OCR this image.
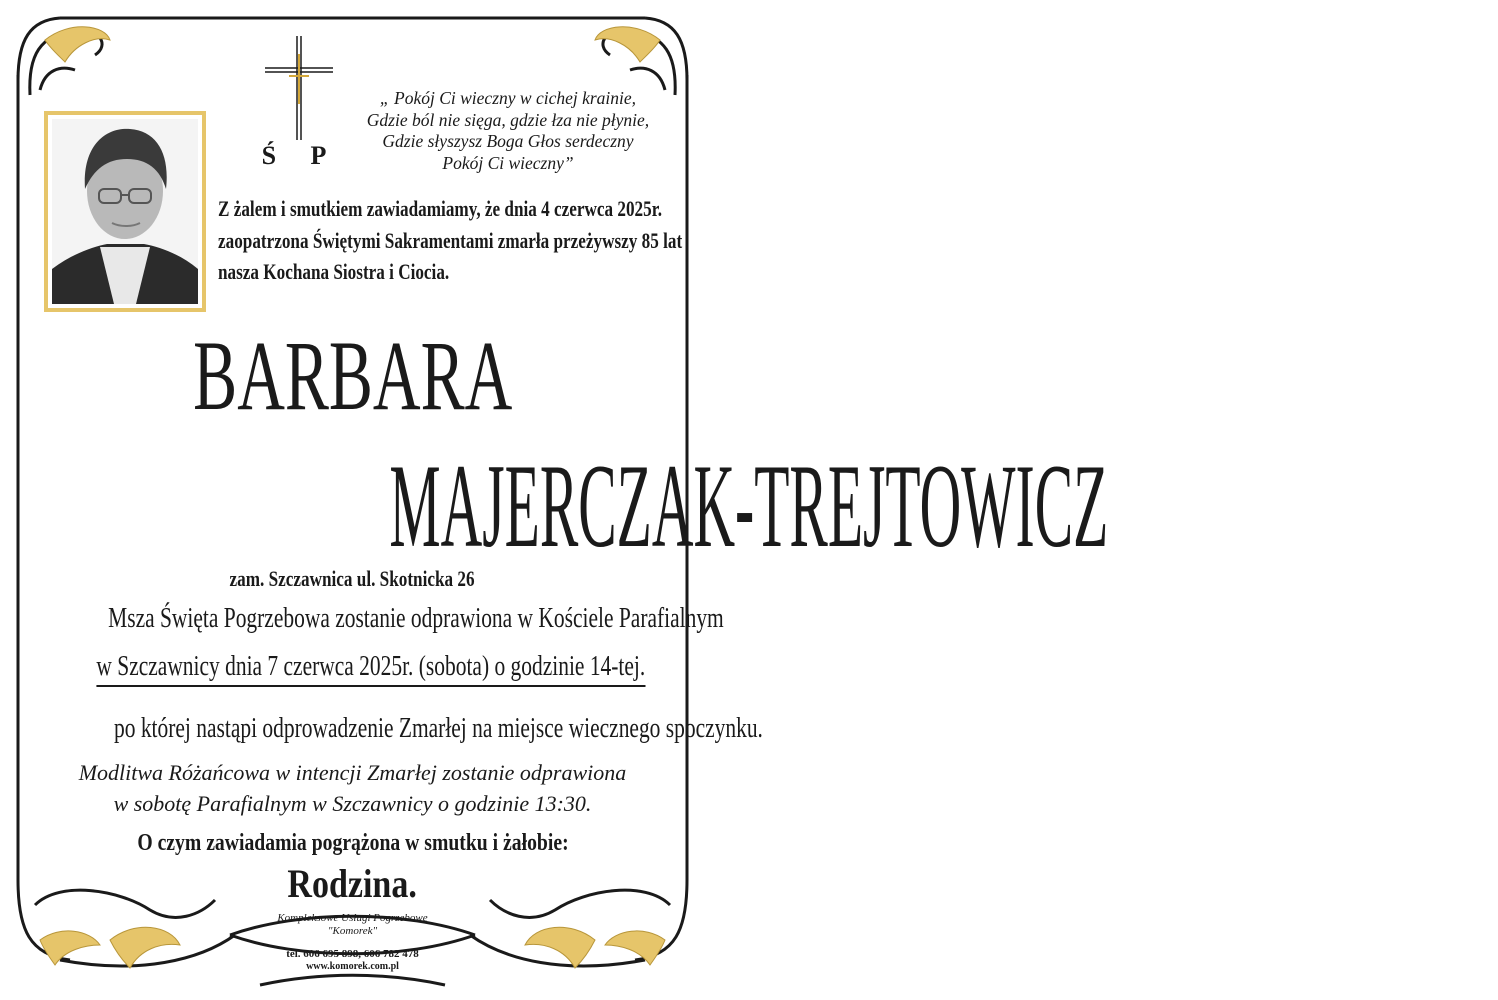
Ś P
„ Pokój Ci wieczny w cichej krainie,
Gdzie ból nie sięga, gdzie łza nie płynie,
Gdzie słyszysz Boga Głos serdeczny
Pokój Ci wieczny”
Z żalem i smutkiem zawiadamiamy, że dnia 4 czerwca 2025r.
zaopatrzona Świętymi Sakramentami zmarła przeżywszy 85 lat
nasza Kochana Siostra i Ciocia.
BARBARA
MAJERCZAK-TREJTOWICZ
zam. Szczawnica ul. Skotnicka 26
Msza Święta Pogrzebowa zostanie odprawiona w Kościele Parafialnym
w Szczawnicy dnia 7 czerwca 2025r. (sobota) o godzinie 14-tej.
po której nastąpi odprowadzenie Zmarłej na miejsce wiecznego spoczynku.
Modlitwa Różańcowa w intencji Zmarłej zostanie odprawiona
w sobotę Parafialnym w Szczawnicy o godzinie 13:30.
O czym zawiadamia pogrążona w smutku i żałobie:
Rodzina.
Kompleksowe Usługi Pogrzebowe
"Komorek"
tel. 606 695 898, 606 782 478
www.komorek.com.pl
